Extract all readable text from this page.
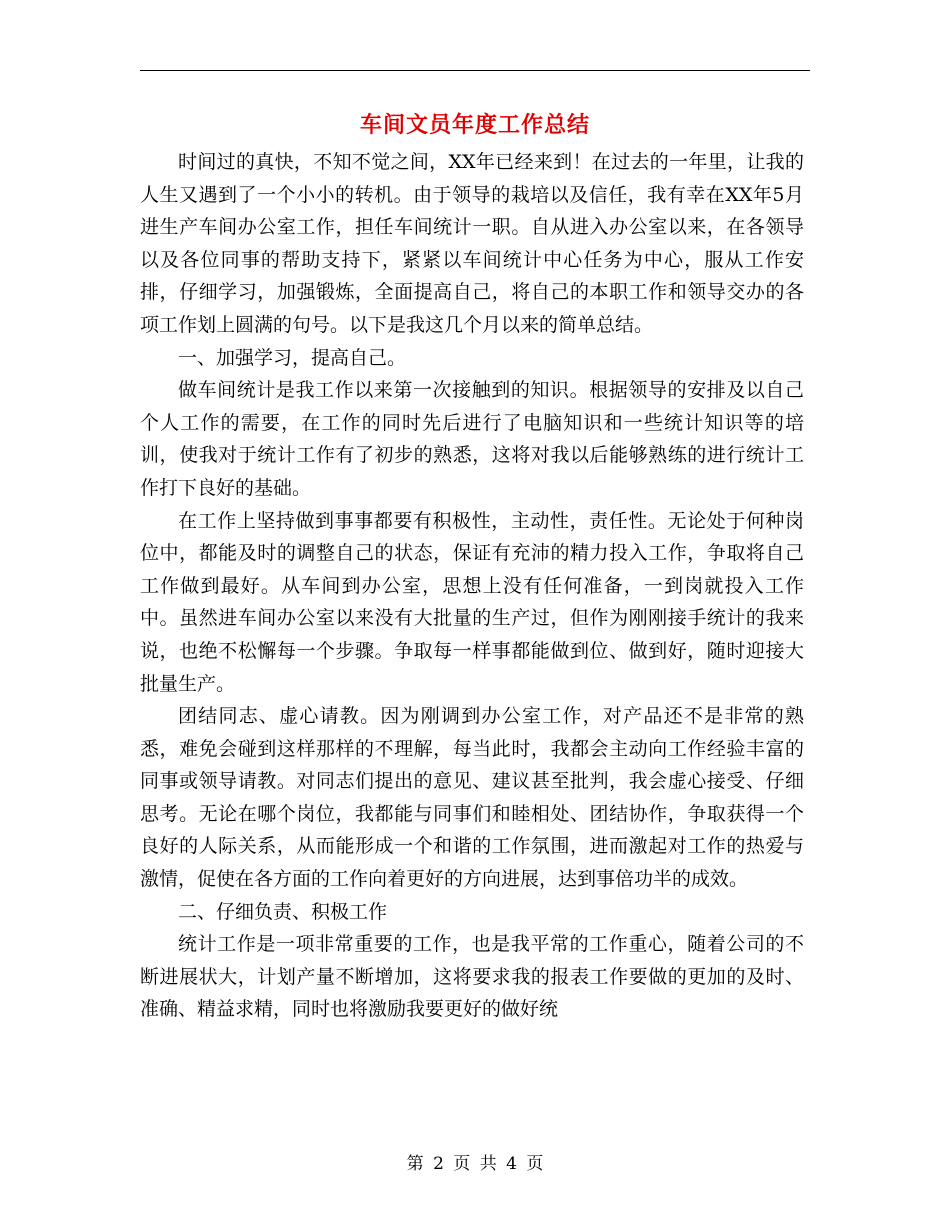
车间文员年度工作总结

时间过的真快，不知不觉之间，XX年已经来到！在过去的一年里，让我的人生又遇到了一个小小的转机。由于领导的栽培以及信任，我有幸在XX年5月进生产车间办公室工作，担任车间统计一职。自从进入办公室以来，在各领导以及各位同事的帮助支持下，紧紧以车间统计中心任务为中心，服从工作安排，仔细学习，加强锻炼，全面提高自己，将自己的本职工作和领导交办的各项工作划上圆满的句号。以下是我这几个月以来的简单总结。

一、加强学习，提高自己。

做车间统计是我工作以来第一次接触到的知识。根据领导的安排及以自己个人工作的需要，在工作的同时先后进行了电脑知识和一些统计知识等的培训，使我对于统计工作有了初步的熟悉，这将对我以后能够熟练的进行统计工作打下良好的基础。

在工作上坚持做到事事都要有积极性，主动性，责任性。无论处于何种岗位中，都能及时的调整自己的状态，保证有充沛的精力投入工作，争取将自己工作做到最好。从车间到办公室，思想上没有任何准备，一到岗就投入工作中。虽然进车间办公室以来没有大批量的生产过，但作为刚刚接手统计的我来说，也绝不松懈每一个步骤。争取每一样事都能做到位、做到好，随时迎接大批量生产。

团结同志、虚心请教。因为刚调到办公室工作，对产品还不是非常的熟悉，难免会碰到这样那样的不理解，每当此时，我都会主动向工作经验丰富的同事或领导请教。对同志们提出的意见、建议甚至批判，我会虚心接受、仔细思考。无论在哪个岗位，我都能与同事们和睦相处、团结协作，争取获得一个良好的人际关系，从而能形成一个和谐的工作氛围，进而激起对工作的热爱与激情，促使在各方面的工作向着更好的方向进展，达到事倍功半的成效。

二、仔细负责、积极工作

统计工作是一项非常重要的工作，也是我平常的工作重心，随着公司的不断进展状大，计划产量不断增加，这将要求我的报表工作要做的更加的及时、准确、精益求精，同时也将激励我要更好的做好统

第 2 页 共 4 页
